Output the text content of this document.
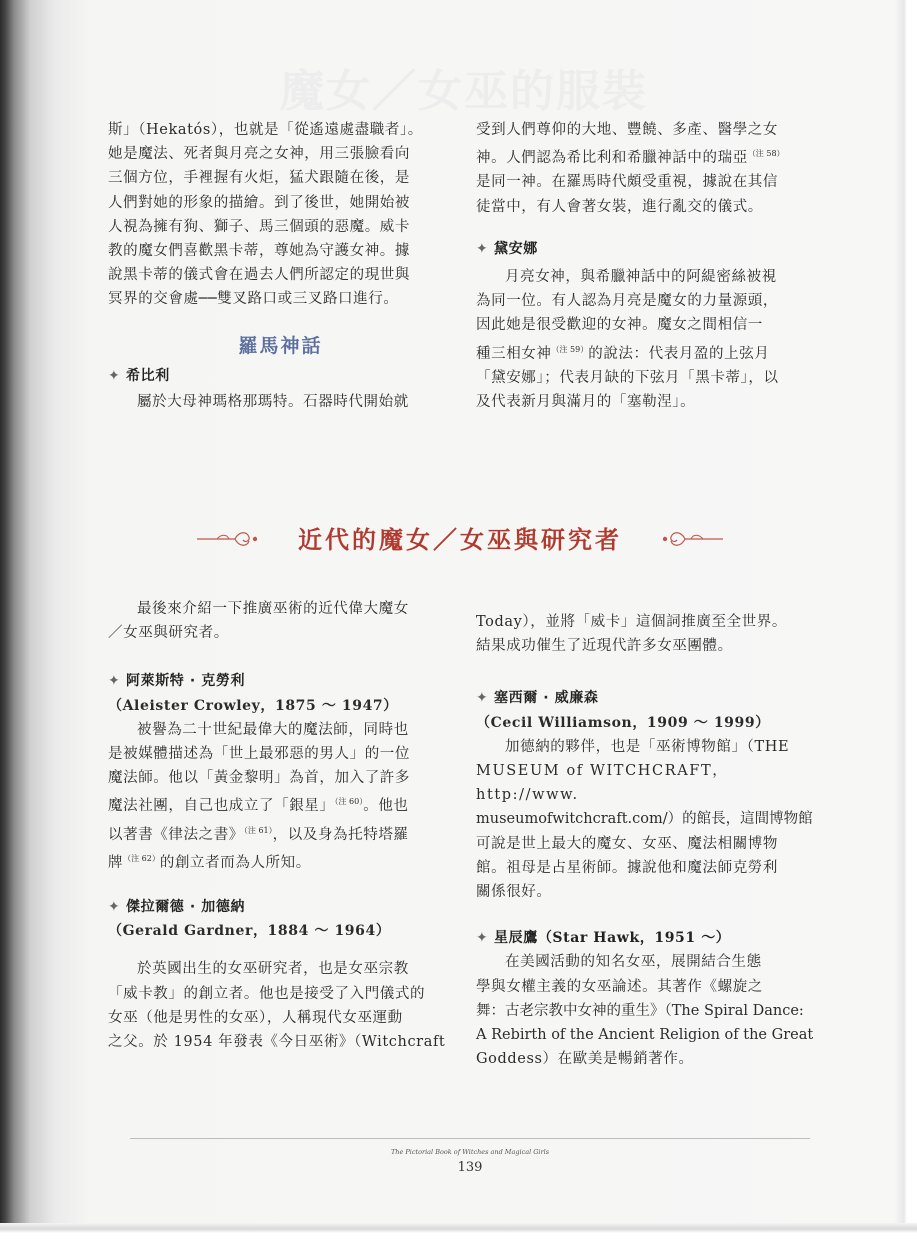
魔女／女巫的服裝

斯」（Hekatós），也就是「從遙遠處盡職者」。

她是魔法、死者與月亮之女神，用三張臉看向

三個方位，手裡握有火炬，猛犬跟隨在後，是

人們對她的形象的描繪。到了後世，她開始被

人視為擁有狗、獅子、馬三個頭的惡魔。威卡

教的魔女們喜歡黑卡蒂，尊她為守護女神。據

說黑卡蒂的儀式會在過去人們所認定的現世與

冥界的交會處──雙叉路口或三叉路口進行。

羅馬神話

✦ 希比利

屬於大母神瑪格那瑪特。石器時代開始就

受到人們尊仰的大地、豐饒、多產、醫學之女

神。人們認為希比利和希臘神話中的瑞亞$^{(注 58)}$

是同一神。在羅馬時代頗受重視，據說在其信

徒當中，有人會著女裝，進行亂交的儀式。

✦ 黛安娜

月亮女神，與希臘神話中的阿緹密絲被視

為同一位。有人認為月亮是魔女的力量源頭，

因此她是很受歡迎的女神。魔女之間相信一

種三相女神$^{(注 59)}$的說法：代表月盈的上弦月

「黛安娜」；代表月缺的下弦月「黑卡蒂」，以

及代表新月與滿月的「塞勒涅」。

近代的魔女／女巫與研究者

最後來介紹一下推廣巫術的近代偉大魔女

／女巫與研究者。

✦ 阿萊斯特 · 克勞利

（Aleister Crowley，1875 ～ 1947）

被譽為二十世紀最偉大的魔法師，同時也

是被媒體描述為「世上最邪惡的男人」的一位

魔法師。他以「黃金黎明」為首，加入了許多

魔法社團，自己也成立了「銀星」$^{(注 60)}$。他也

以著書《律法之書》$^{(注 61)}$，以及身為托特塔羅

牌$^{(注 62)}$的創立者而為人所知。

✦ 傑拉爾德 · 加德納

（Gerald Gardner，1884 ～ 1964）

於英國出生的女巫研究者，也是女巫宗教

「威卡教」的創立者。他也是接受了入門儀式的

女巫（他是男性的女巫），人稱現代女巫運動

之父。於 1954 年發表《今日巫術》（Witchcraft

Today），並將「威卡」這個詞推廣至全世界。

結果成功催生了近現代許多女巫團體。

✦ 塞西爾 · 威廉森

（Cecil Williamson，1909 ～ 1999）

加德納的夥伴，也是「巫術博物館」（THE

MUSEUM of WITCHCRAFT，http://www.

museumofwitchcraft.com/）的館長，這間博物館

可說是世上最大的魔女、女巫、魔法相關博物

館。祖母是占星術師。據說他和魔法師克勞利

關係很好。

✦ 星辰鷹（Star Hawk，1951 ～）

在美國活動的知名女巫，展開結合生態

學與女權主義的女巫論述。其著作《螺旋之

舞：古老宗教中女神的重生》（The Spiral Dance:

A Rebirth of the Ancient Religion of the Great

Goddess）在歐美是暢銷著作。

The Pictorial Book of Witches and Magical Girls
139
